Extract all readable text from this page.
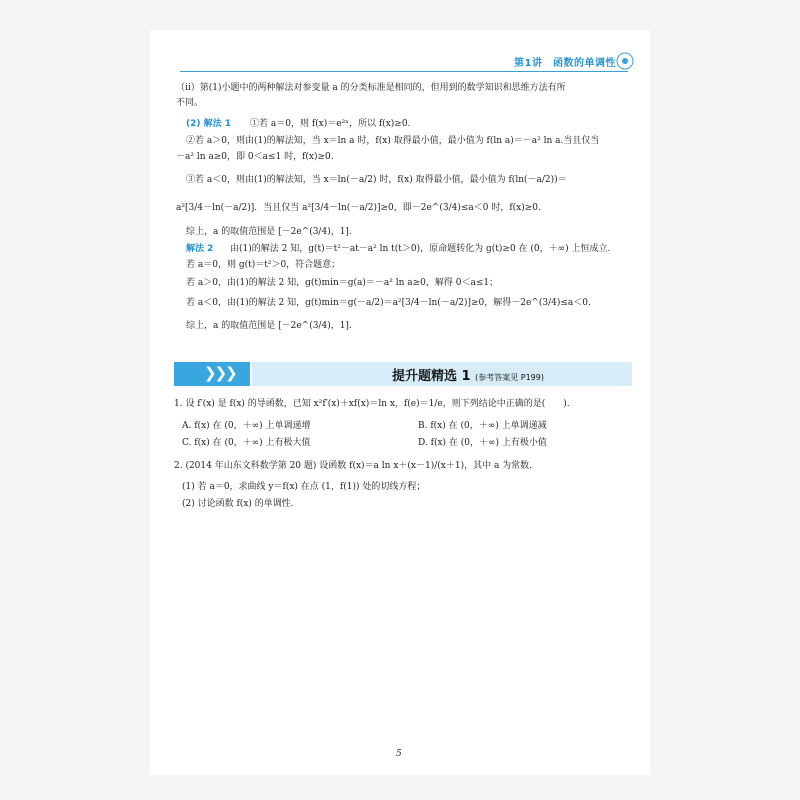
第1讲　函数的单调性
（ⅱ）第(1)小题中的两种解法对参变量 a 的分类标准是相同的，但用到的数学知识和思维方法有所
不同。
(2) 解法 1 ①若 a＝0，则 f(x)＝e²ˣ，所以 f(x)≥0.
②若 a＞0，则由(1)的解法知，当 x＝ln a 时，f(x) 取得最小值，最小值为 f(ln a)＝－a² ln a.当且仅当
－a² ln a≥0，即 0＜a≤1 时，f(x)≥0.
③若 a＜0，则由(1)的解法知，当 x＝ln(－a/2) 时，f(x) 取得最小值，最小值为 f(ln(－a/2))＝
a²[3/4－ln(－a/2)]．当且仅当 a²[3/4－ln(－a/2)]≥0，即－2e^(3/4)≤a＜0 时，f(x)≥0.
综上，a 的取值范围是 [－2e^(3/4)，1].
解法 2 由(1)的解法 2 知，g(t)＝t²－at－a² ln t(t＞0)，原命题转化为 g(t)≥0 在 (0，＋∞) 上恒成立.
若 a＝0，则 g(t)＝t²＞0，符合题意；
若 a＞0，由(1)的解法 2 知，g(t)min＝g(a)＝－a² ln a≥0，解得 0＜a≤1；
若 a＜0，由(1)的解法 2 知，g(t)min＝g(－a/2)＝a²[3/4－ln(－a/2)]≥0，解得－2e^(3/4)≤a＜0.
综上，a 的取值范围是 [－2e^(3/4)，1].
❯❯❯	提升题精选 1 (参考答案见 P199)
1. 设 f′(x) 是 f(x) 的导函数，已知 x²f′(x)＋xf(x)＝ln x，f(e)＝1/e，则下列结论中正确的是(　　).
A. f(x) 在 (0，＋∞) 上单调递增	B. f(x) 在 (0，＋∞) 上单调递减
C. f(x) 在 (0，＋∞) 上有极大值	D. f(x) 在 (0，＋∞) 上有极小值
2. (2014 年山东文科数学第 20 题) 设函数 f(x)＝a ln x＋(x－1)/(x＋1)，其中 a 为常数.
(1) 若 a＝0，求曲线 y＝f(x) 在点 (1，f(1)) 处的切线方程；
(2) 讨论函数 f(x) 的单调性.
5
